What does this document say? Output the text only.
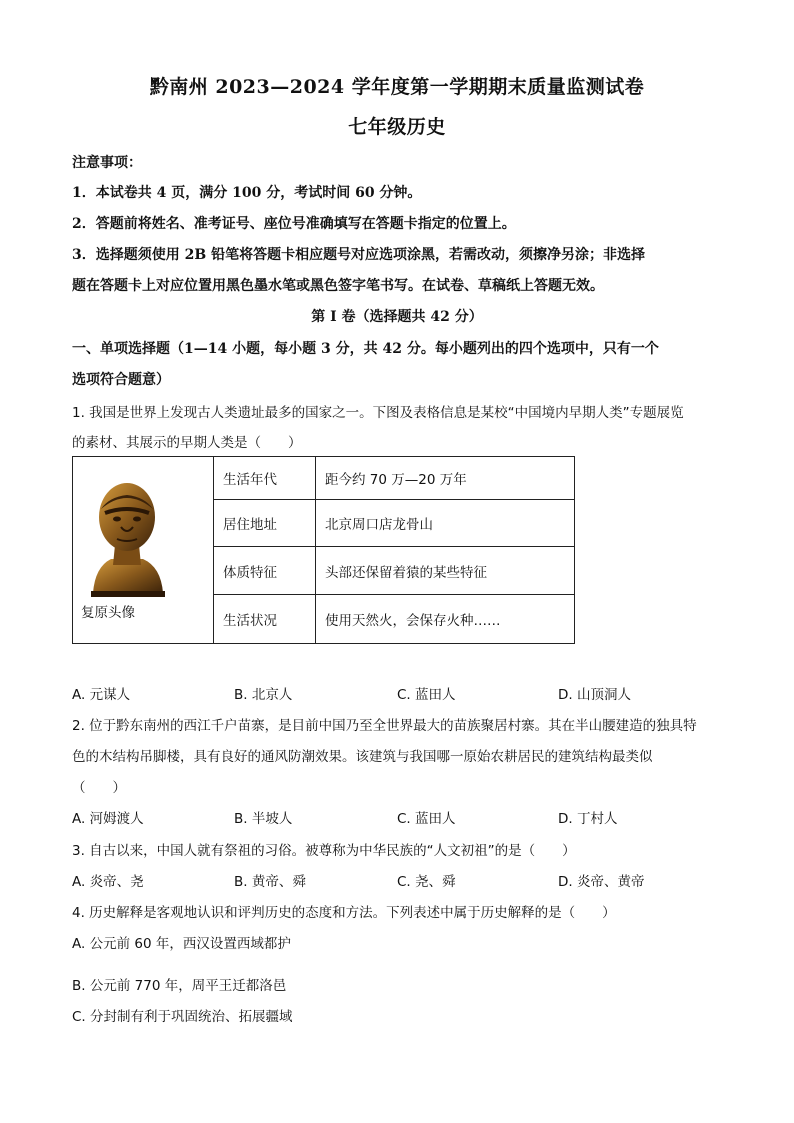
黔南州 2023—2024 学年度第一学期期末质量监测试卷
七年级历史
注意事项：
1．本试卷共 4 页，满分 100 分，考试时间 60 分钟。
2．答题前将姓名、准考证号、座位号准确填写在答题卡指定的位置上。
3．选择题须使用 2B 铅笔将答题卡相应题号对应选项涂黑，若需改动，须擦净另涂；非选择
题在答题卡上对应位置用黑色墨水笔或黑色签字笔书写。在试卷、草稿纸上答题无效。
第 I 卷（选择题共 42 分）
一、单项选择题（1—14 小题，每小题 3 分，共 42 分。每小题列出的四个选项中，只有一个
选项符合题意）
1. 我国是世界上发现古人类遗址最多的国家之一。下图及表格信息是某校“中国境内早期人类”专题展览
的素材、其展示的早期人类是（　　）
复原头像	生活年代	距今约 70 万—20 万年
	居住地址	北京周口店龙骨山
	体质特征	头部还保留着猿的某些特征
	生活状况	使用天然火，会保存火种……
A. 元谋人	B. 北京人	C. 蓝田人	D. 山顶洞人
2. 位于黔东南州的西江千户苗寨，是目前中国乃至全世界最大的苗族聚居村寨。其在半山腰建造的独具特
色的木结构吊脚楼，具有良好的通风防潮效果。该建筑与我国哪一原始农耕居民的建筑结构最类似
（　　）
A. 河姆渡人	B. 半坡人	C. 蓝田人	D. 丁村人
3. 自古以来，中国人就有祭祖的习俗。被尊称为中华民族的“人文初祖”的是（　　）
A. 炎帝、尧	B. 黄帝、舜	C. 尧、舜	D. 炎帝、黄帝
4. 历史解释是客观地认识和评判历史的态度和方法。下列表述中属于历史解释的是（　　）
A. 公元前 60 年，西汉设置西域都护
B. 公元前 770 年，周平王迁都洛邑
C. 分封制有利于巩固统治、拓展疆域
